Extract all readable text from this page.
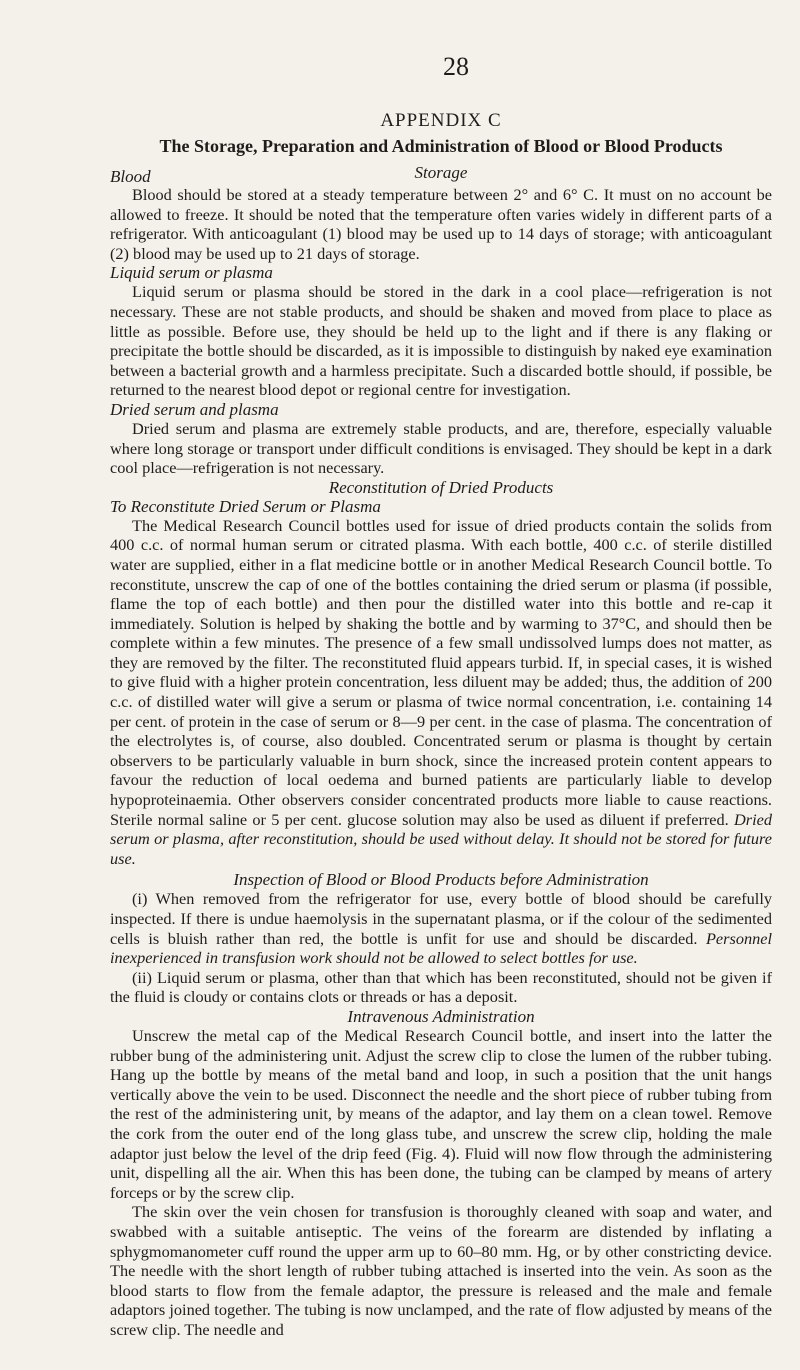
28
APPENDIX C
The Storage, Preparation and Administration of Blood or Blood Products
Storage
Blood

Blood should be stored at a steady temperature between 2° and 6° C. It must on no account be allowed to freeze. It should be noted that the temperature often varies widely in different parts of a refrigerator. With anticoagulant (1) blood may be used up to 14 days of storage; with anticoagulant (2) blood may be used up to 21 days of storage.

Liquid serum or plasma

Liquid serum or plasma should be stored in the dark in a cool place—refrigeration is not necessary. These are not stable products, and should be shaken and moved from place to place as little as possible. Before use, they should be held up to the light and if there is any flaking or precipitate the bottle should be discarded, as it is impossible to distinguish by naked eye examination between a bacterial growth and a harmless precipitate. Such a discarded bottle should, if possible, be returned to the nearest blood depot or regional centre for investigation.

Dried serum and plasma

Dried serum and plasma are extremely stable products, and are, therefore, especially valuable where long storage or transport under difficult conditions is envisaged. They should be kept in a dark cool place—refrigeration is not necessary.

Reconstitution of Dried Products
To Reconstitute Dried Serum or Plasma

The Medical Research Council bottles used for issue of dried products contain the solids from 400 c.c. of normal human serum or citrated plasma. With each bottle, 400 c.c. of sterile distilled water are supplied, either in a flat medicine bottle or in another Medical Research Council bottle. To reconstitute, unscrew the cap of one of the bottles containing the dried serum or plasma (if possible, flame the top of each bottle) and then pour the distilled water into this bottle and re-cap it immediately. Solution is helped by shaking the bottle and by warming to 37°C, and should then be complete within a few minutes. The presence of a few small undissolved lumps does not matter, as they are removed by the filter. The reconstituted fluid appears turbid. If, in special cases, it is wished to give fluid with a higher protein concentration, less diluent may be added; thus, the addition of 200 c.c. of distilled water will give a serum or plasma of twice normal concentration, i.e. containing 14 per cent. of protein in the case of serum or 8—9 per cent. in the case of plasma. The concentration of the electrolytes is, of course, also doubled. Concentrated serum or plasma is thought by certain observers to be particularly valuable in burn shock, since the increased protein content appears to favour the reduction of local oedema and burned patients are particularly liable to develop hypoproteinaemia. Other observers consider concentrated products more liable to cause reactions. Sterile normal saline or 5 per cent. glucose solution may also be used as diluent if preferred. Dried serum or plasma, after reconstitution, should be used without delay. It should not be stored for future use.

Inspection of Blood or Blood Products before Administration

(i) When removed from the refrigerator for use, every bottle of blood should be carefully inspected. If there is undue haemolysis in the supernatant plasma, or if the colour of the sedimented cells is bluish rather than red, the bottle is unfit for use and should be discarded. Personnel inexperienced in transfusion work should not be allowed to select bottles for use.

(ii) Liquid serum or plasma, other than that which has been reconstituted, should not be given if the fluid is cloudy or contains clots or threads or has a deposit.

Intravenous Administration

Unscrew the metal cap of the Medical Research Council bottle, and insert into the latter the rubber bung of the administering unit. Adjust the screw clip to close the lumen of the rubber tubing. Hang up the bottle by means of the metal band and loop, in such a position that the unit hangs vertically above the vein to be used. Disconnect the needle and the short piece of rubber tubing from the rest of the administering unit, by means of the adaptor, and lay them on a clean towel. Remove the cork from the outer end of the long glass tube, and unscrew the screw clip, holding the male adaptor just below the level of the drip feed (Fig. 4). Fluid will now flow through the administering unit, dispelling all the air. When this has been done, the tubing can be clamped by means of artery forceps or by the screw clip.

The skin over the vein chosen for transfusion is thoroughly cleaned with soap and water, and swabbed with a suitable antiseptic. The veins of the forearm are distended by inflating a sphygmomanometer cuff round the upper arm up to 60–80 mm. Hg, or by other constricting device. The needle with the short length of rubber tubing attached is inserted into the vein. As soon as the blood starts to flow from the female adaptor, the pressure is released and the male and female adaptors joined together. The tubing is now unclamped, and the rate of flow adjusted by means of the screw clip. The needle and
